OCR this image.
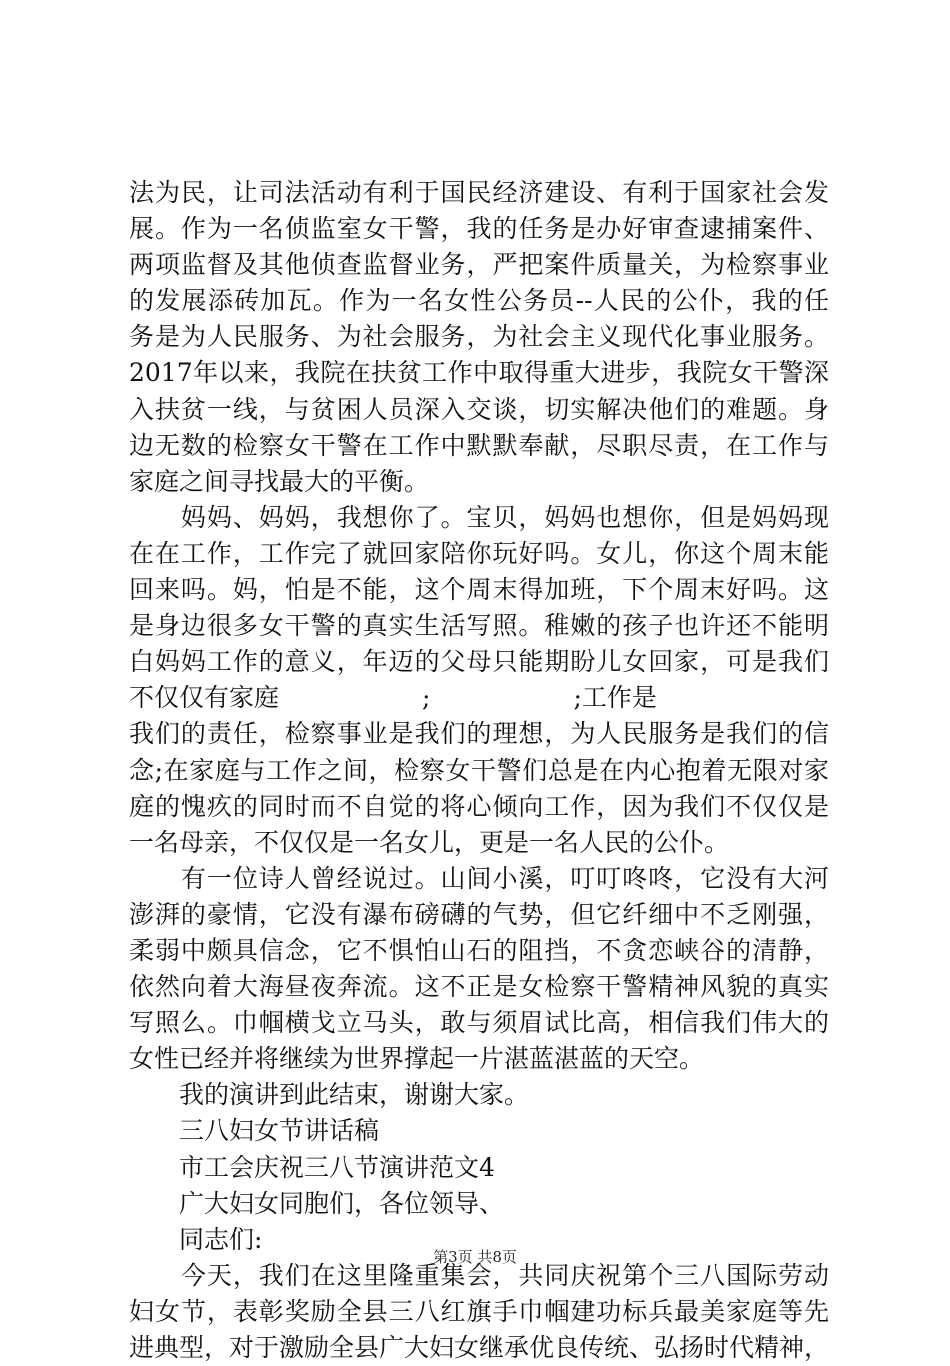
法为民，让司法活动有利于国民经济建设、有利于国家社会发
展。作为一名侦监室女干警，我的任务是办好审查逮捕案件、
两项监督及其他侦查监督业务，严把案件质量关，为检察事业
的发展添砖加瓦。作为一名女性公务员--人民的公仆，我的任
务是为人民服务、为社会服务，为社会主义现代化事业服务。
2017年以来，我院在扶贫工作中取得重大进步，我院女干警深
入扶贫一线，与贫困人员深入交谈，切实解决他们的难题。身
边无数的检察女干警在工作中默默奉献，尽职尽责，在工作与
家庭之间寻找最大的平衡。
　　妈妈、妈妈，我想你了。宝贝，妈妈也想你，但是妈妈现
在在工作，工作完了就回家陪你玩好吗。女儿，你这个周末能
回来吗。妈，怕是不能，这个周末得加班，下个周末好吗。这
是身边很多女干警的真实生活写照。稚嫩的孩子也许还不能明
白妈妈工作的意义，年迈的父母只能期盼儿女回家，可是我们
不仅仅有家庭                  ;                  ;工作是
我们的责任，检察事业是我们的理想，为人民服务是我们的信
念;在家庭与工作之间，检察女干警们总是在内心抱着无限对家
庭的愧疚的同时而不自觉的将心倾向工作，因为我们不仅仅是
一名母亲，不仅仅是一名女儿，更是一名人民的公仆。
　　有一位诗人曾经说过。山间小溪，叮叮咚咚，它没有大河
澎湃的豪情，它没有瀑布磅礴的气势，但它纤细中不乏刚强，
柔弱中颇具信念，它不惧怕山石的阻挡，不贪恋峡谷的清静，
依然向着大海昼夜奔流。这不正是女检察干警精神风貌的真实
写照么。巾帼横戈立马头，敢与须眉试比高，相信我们伟大的
女性已经并将继续为世界撑起一片湛蓝湛蓝的天空。
　　我的演讲到此结束，谢谢大家。
　　三八妇女节讲话稿
　　市工会庆祝三八节演讲范文4
　　广大妇女同胞们，各位领导、
　　同志们:
　　今天，我们在这里隆重集会，共同庆祝第个三八国际劳动
妇女节，表彰奖励全县三八红旗手巾帼建功标兵最美家庭等先
进典型，对于激励全县广大妇女继承优良传统、弘扬时代精神，
第3页 共8页
